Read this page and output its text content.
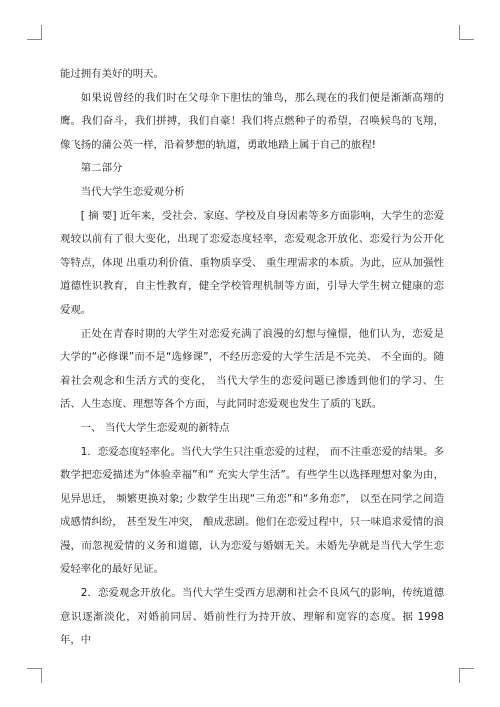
能过拥有美好的明天。

如果说曾经的我们时在父母伞下胆怯的雏鸟，那么现在的我们便是渐渐高翔的鹰。我们奋斗，我们拼搏，我们自豪！我们将点燃种子的希望，召唤候鸟的飞翔，像飞扬的蒲公英一样，沿着梦想的轨道，勇敢地踏上属于自己的旅程!

第二部分

当代大学生恋爱观分析

[ 摘 要] 近年来，受社会、家庭、学校及自身因素等多方面影响，大学生的恋爱观较以前有了很大变化，出现了恋爱态度轻率，恋爱观念开放化、恋爱行为公开化等特点，体现 出重功利价值、重物质享受、 重生理需求的本质。为此，应从加强性道德性识教育，自主性教育，健全学校管理机制等方面，引导大学生树立健康的恋爱观。

正处在青春时期的大学生对恋爱充满了浪漫的幻想与憧憬，他们认为，恋爱是大学的“必修课”而不是“选修课”，不经历恋爱的大学生活是不完美、 不全面的。随着社会观念和生活方式的变化， 当代大学生的恋爱问题已渗透到他们的学习、生活、人生态度、理想等各个方面，与此同时恋爱观也发生了质的飞跃。

一、 当代大学生恋爱观的新特点

1．恋爱态度轻率化。当代大学生只注重恋爱的过程， 而不注重恋爱的结果。多数学把恋爱描述为“体验幸福”和“ 充实大学生活”。有些学生以选择理想对象为由，见异思迁， 频繁更换对象; 少数学生出现“三角恋”和“多角恋”， 以至在同学之间造成感情纠纷， 甚至发生冲突， 酿成悲剧。他们在恋爱过程中，只一味追求爱情的浪漫，而忽视爱情的义务和道德，认为恋爱与婚姻无关。未婚先孕就是当代大学生恋爱轻率化的最好见证。

2．恋爱观念开放化。当代大学生受西方思潮和社会不良风气的影响，传统道德意识逐渐淡化，对婚前同居、婚前性行为持开放、理解和宽容的态度。据 1998 年，中
